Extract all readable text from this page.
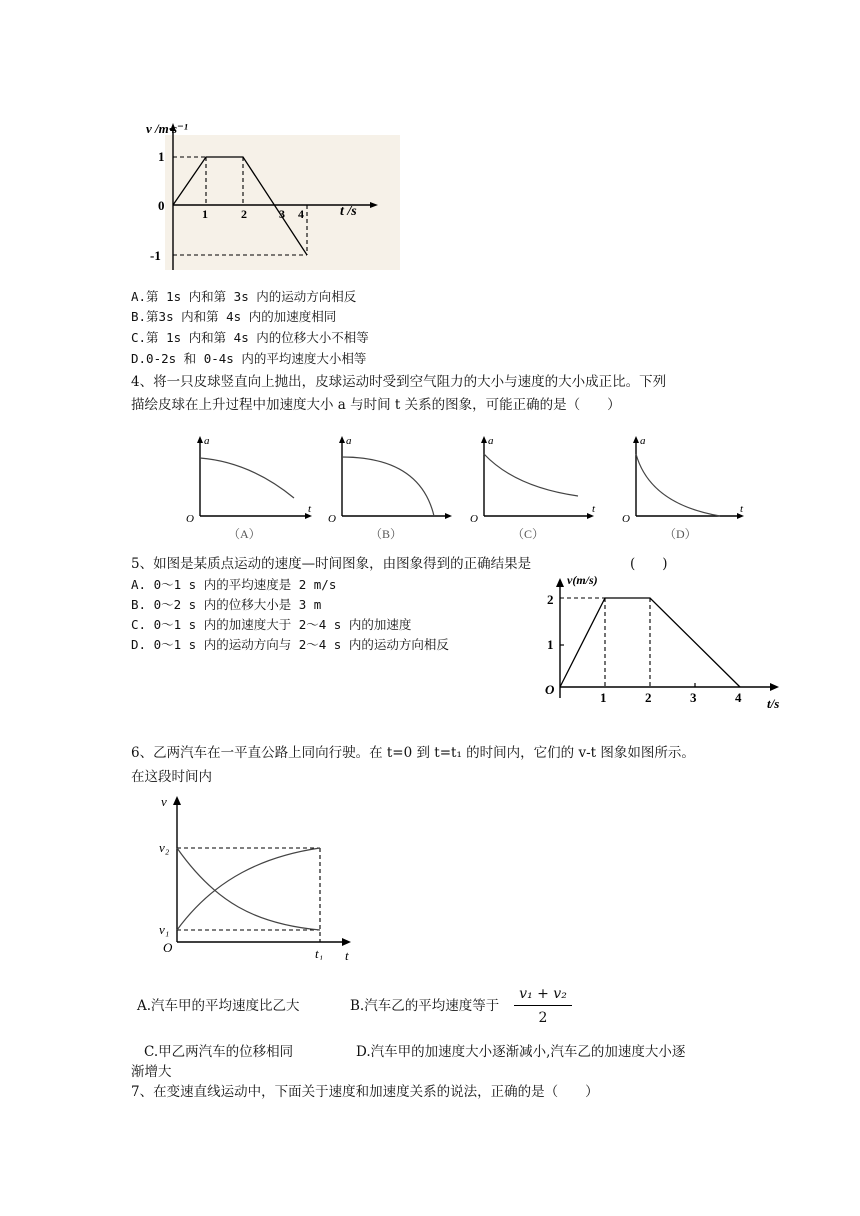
v /m·s⁻¹
t /s
1
0
-1
1	2	3 4
A.第 1s 内和第 3s 内的运动方向相反
B.第3s 内和第 4s 内的加速度相同
C.第 1s 内和第 4s 内的位移大小不相等
D.0-2s 和 0-4s 内的平均速度大小相等
4、将一只皮球竖直向上抛出，皮球运动时受到空气阻力的大小与速度的大小成正比。下列
描绘皮球在上升过程中加速度大小 a 与时间 t 关系的图象，可能正确的是（　　）
a
t
O
（A）
a
O
（B）
a
t
O
（C）
a
t
O
（D）
5、如图是某质点运动的速度—时间图象，由图象得到的正确结果是	(　　)
A. 0～1 s 内的平均速度是 2 m/s
B. 0～2 s 内的位移大小是 3 m
C. 0～1 s 内的加速度大于 2～4 s 内的加速度
D. 0～1 s 内的运动方向与 2～4 s 内的运动方向相反
v(m/s)
t/s
O
2
1
1	2	3	4
6、乙两汽车在一平直公路上同向行驶。在 t=0 到 t=t₁ 的时间内，它们的 v-t 图象如图所示。
在这段时间内
v
t
O
v₂
v₁
t₁
A.汽车甲的平均速度比乙大	B.汽车乙的平均速度等于 $\frac{\text{v₁ + v₂}}{2}$
C.甲乙两汽车的位移相同	D.汽车甲的加速度大小逐渐减小,汽车乙的加速度大小逐
渐增大
7、在变速直线运动中，下面关于速度和加速度关系的说法，正确的是（　　）
